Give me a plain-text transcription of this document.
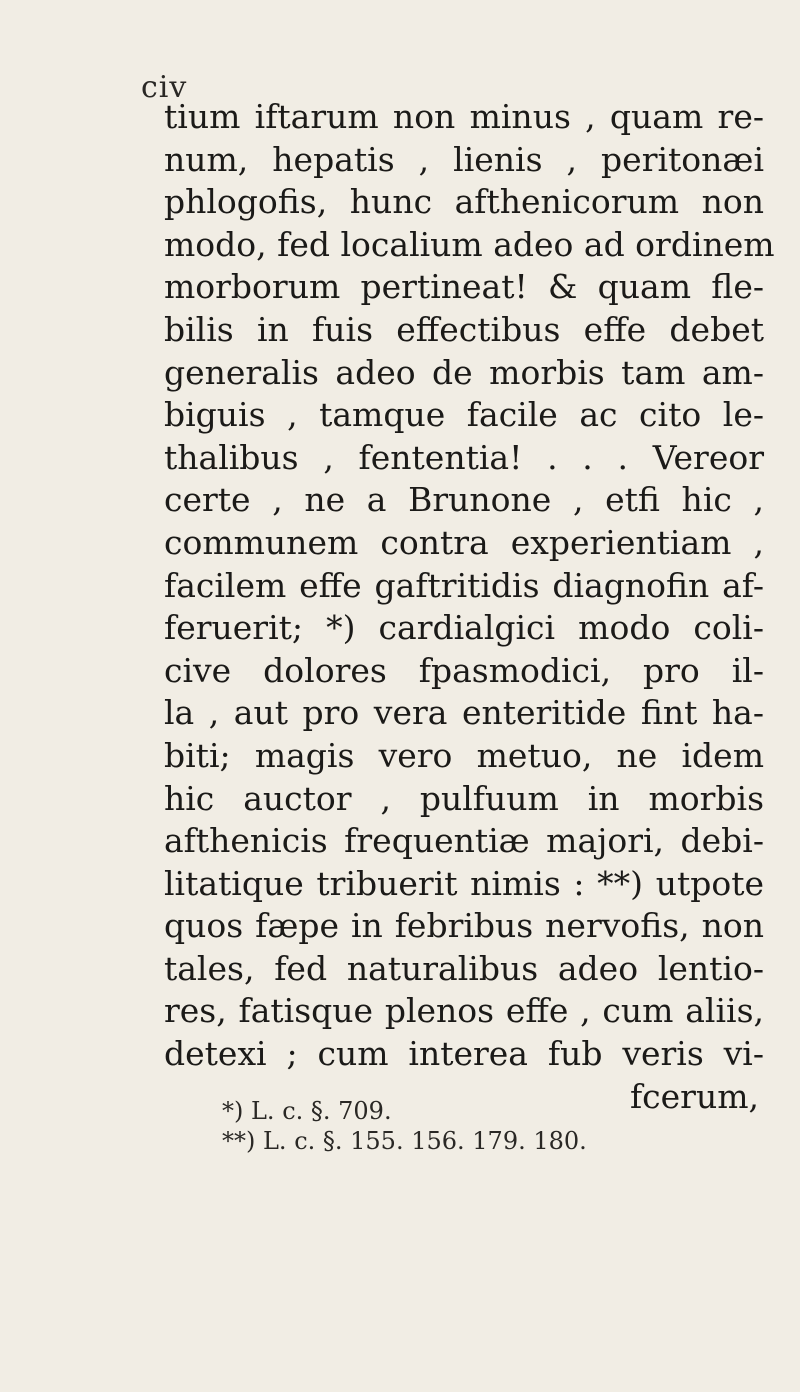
civ
tium iftarum non minus , quam re-
num, hepatis , lienis , peritonæi
phlogofis, hunc afthenicorum non
modo, fed localium adeo ad ordinem
morborum pertineat! & quam fle-
bilis in fuis effectibus effe debet
generalis adeo de morbis tam am-
biguis , tamque facile ac cito le-
thalibus , fententia! . . . Vereor
certe , ne a Brunone , etfi hic ,
communem contra experientiam ,
facilem effe gaftritidis diagnofin af-
feruerit; *) cardialgici modo coli-
cive dolores fpasmodici, pro il-
la , aut pro vera enteritide fint ha-
biti; magis vero metuo, ne idem
hic auctor , pulfuum in morbis
afthenicis frequentiæ majori, debi-
litatique tribuerit nimis : **) utpote
quos fæpe in febribus nervofis, non
tales, fed naturalibus adeo lentio-
res, fatisque plenos effe , cum aliis,
detexi ; cum interea fub veris vi-
fcerum,
*) L. c. §. 709.
**) L. c. §. 155. 156. 179. 180.
